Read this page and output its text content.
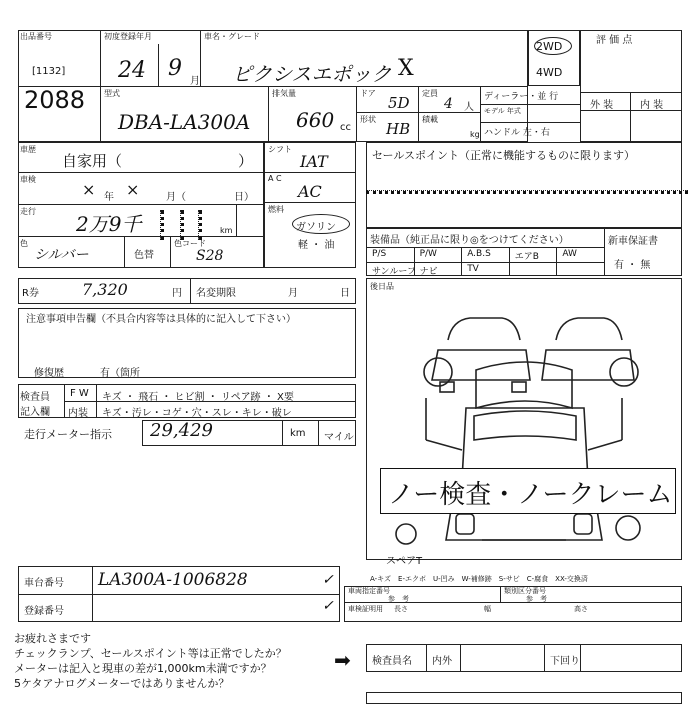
出品番号
[1132]
2088
初度登録年月
24 9
月
車名・グレード
ピクシスエポック X
2WD
4WD
評 価 点
外 装	内 装
型式
DBA-LA300A
排気量
660 cc
ドア
5D
形状
HB
定員
4 人
積載
kg
ディーラー・並 行
モデル 年式
ハンドル 左・右
車歴
自家用（	）
車検
× 年 ×	月（	日）
走行
2万9千	km
色
シルバー	色替
色コード
S28
シフト
IAT
A C
AC
燃料
ガソリン
軽 ・ 油
セールスポイント（正常に機能するものに限ります）
装備品（純正品に限り◎をつけてください）	新車保証書
有 ・ 無
P/S	P/W	A.B.S	エアB	AW
サンルーフ ナビ	TV
R券	7,320	円 名変期限	月	日
注意事項申告欄（不具合内容等は具体的に記入して下さい）
修復歴	有（箇所
検査員
記入欄
F W キズ ・ 飛石 ・ ヒビ割 ・ リペア跡 ・ X要
内装 キズ・汚レ・コゲ・穴・スレ・キレ・破レ
走行メーター指示 29,429	km マイル
後日品
ノー検査・ノークレーム
スペアT
車台番号 LA300A-1006828
登録番号
✓
✓
A-キズ　E-エクボ　U-凹み　W-補修跡　S-サビ　C-腐食　XX-交換済
車両指定番号
参　考
類別区分番号
参　考
車検証明用 長さ	幅	高さ
お疲れさまです
チェックランプ、セールスポイント等は正常でしたか？
メーターは記入と現車の差が1,000km未満ですか？
5ケタアナログメーターではありませんか？
➡ 検査員名 内外	下回り
